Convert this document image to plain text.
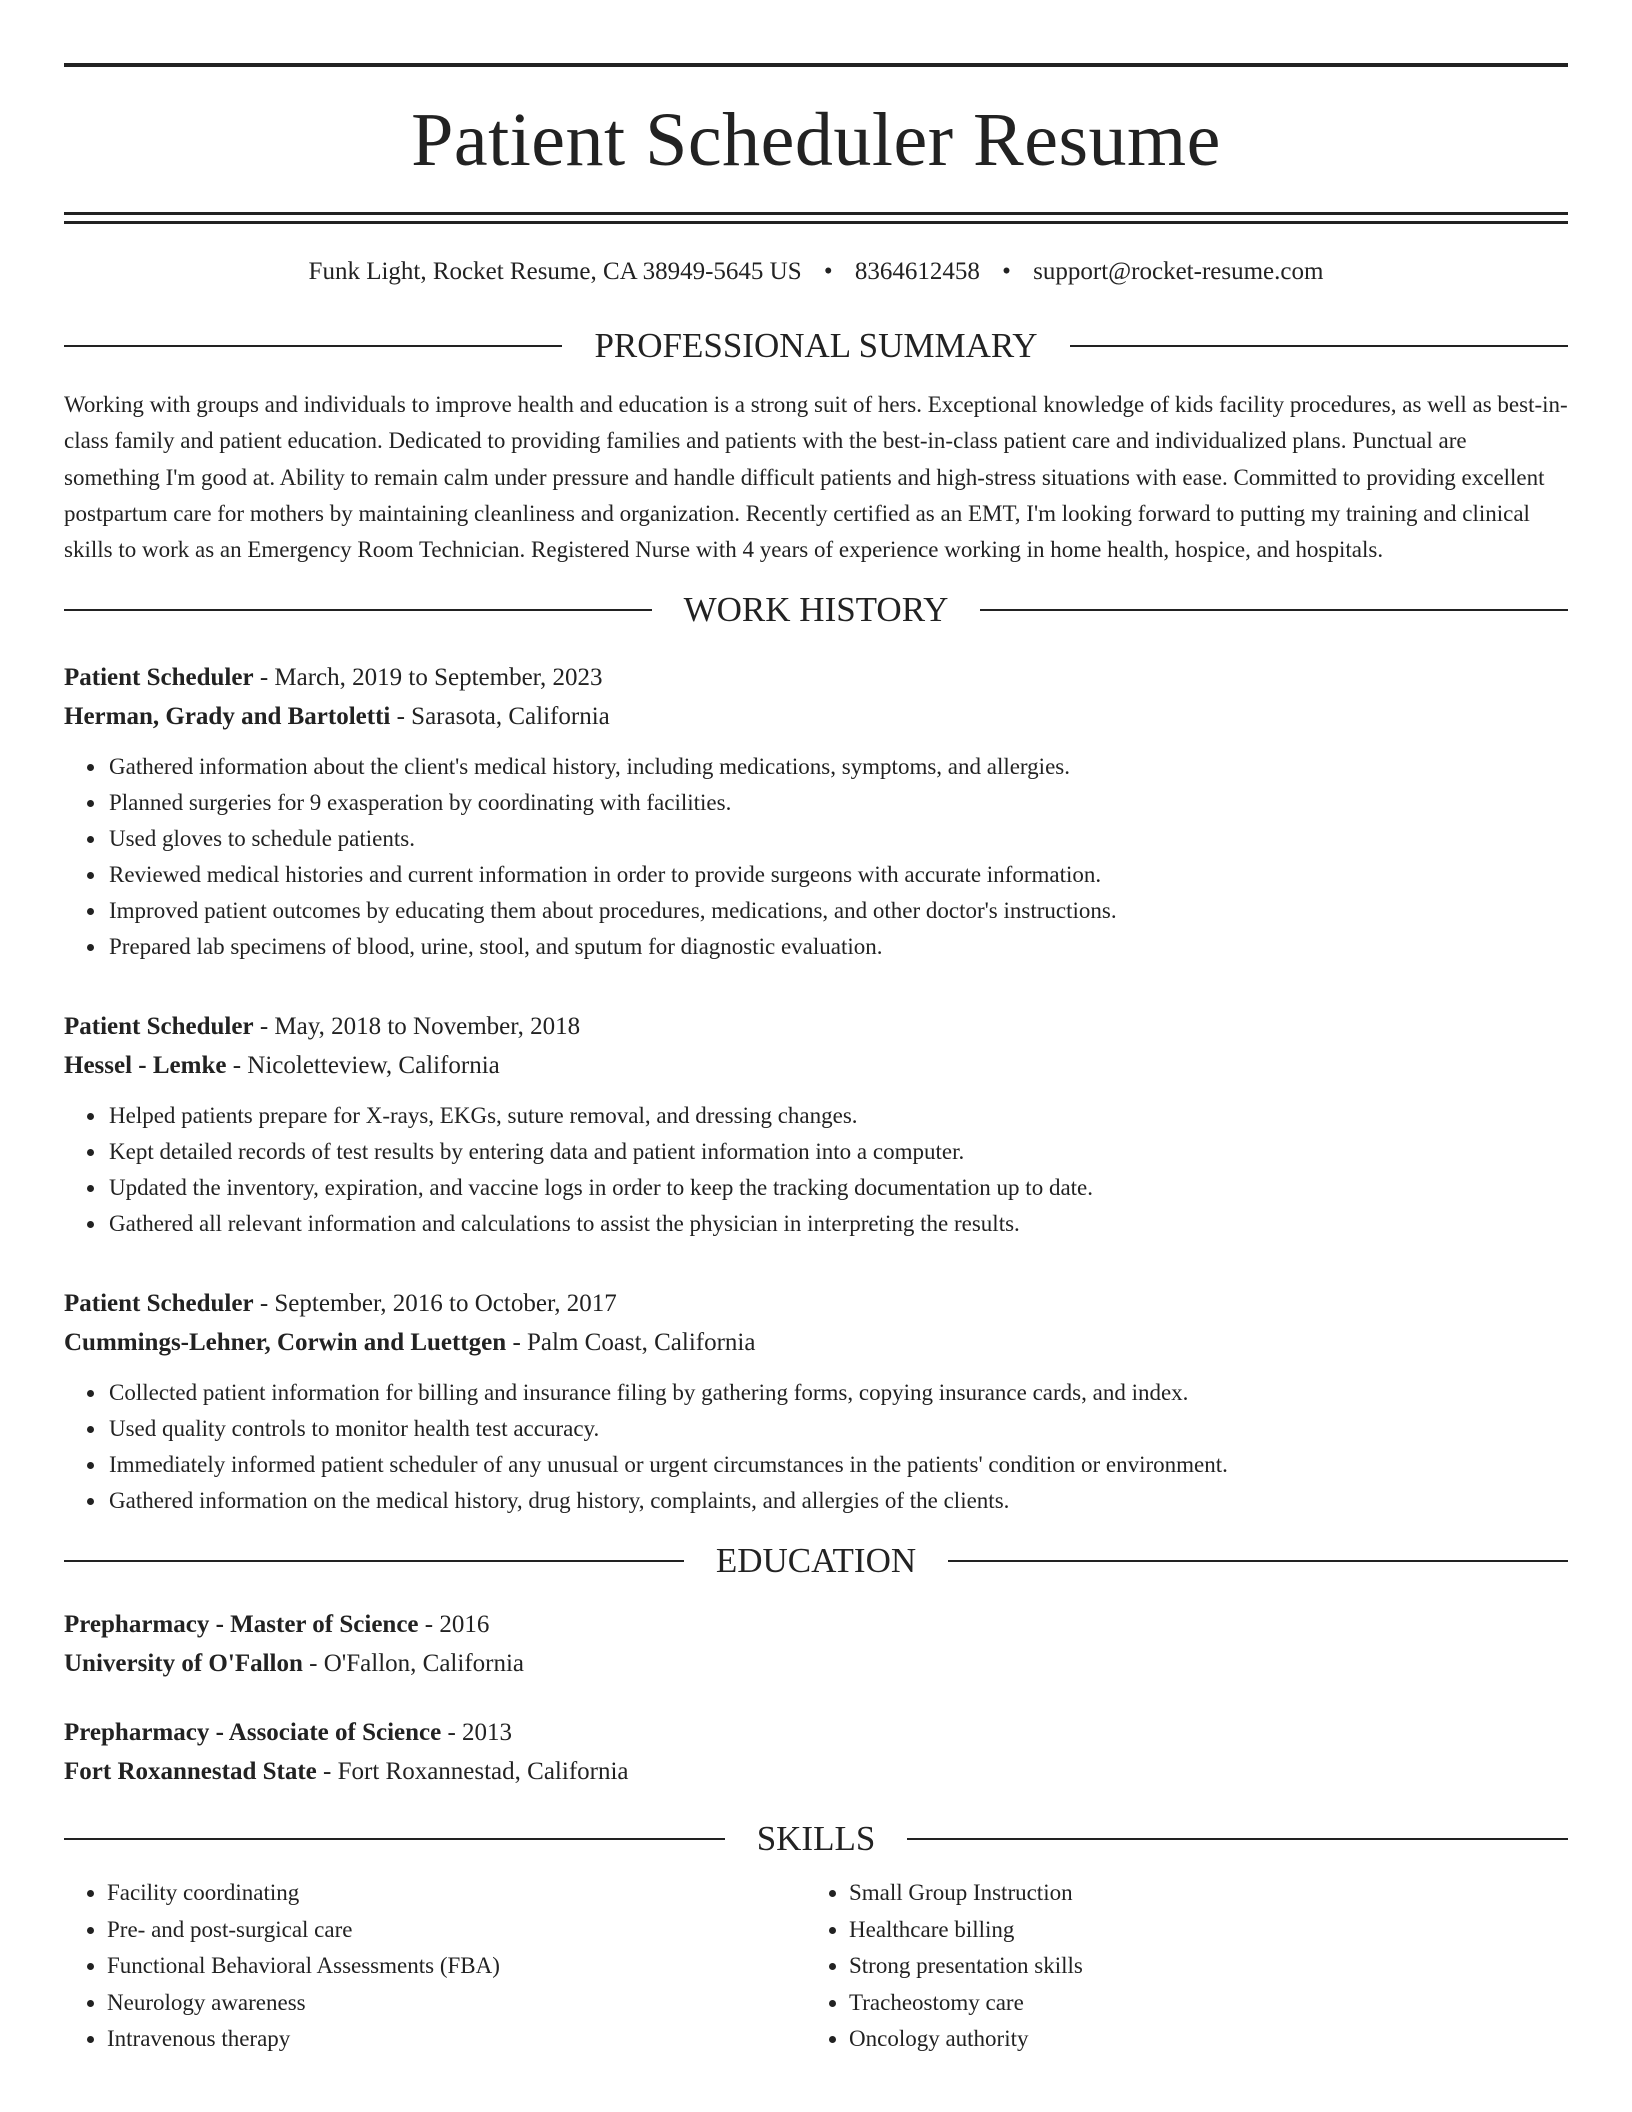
Patient Scheduler Resume
Funk Light, Rocket Resume, CA 38949-5645 US • 8364612458 • support@rocket-resume.com
PROFESSIONAL SUMMARY

Working with groups and individuals to improve health and education is a strong suit of hers. Exceptional knowledge of kids facility procedures, as well as best-in-class family and patient education. Dedicated to providing families and patients with the best-in-class patient care and individualized plans. Punctual are something I'm good at. Ability to remain calm under pressure and handle difficult patients and high-stress situations with ease. Committed to providing excellent postpartum care for mothers by maintaining cleanliness and organization. Recently certified as an EMT, I'm looking forward to putting my training and clinical skills to work as an Emergency Room Technician. Registered Nurse with 4 years of experience working in home health, hospice, and hospitals.

WORK HISTORY
Patient Scheduler - March, 2019 to September, 2023
Herman, Grady and Bartoletti - Sarasota, California
• Gathered information about the client's medical history, including medications, symptoms, and allergies.
• Planned surgeries for 9 exasperation by coordinating with facilities.
• Used gloves to schedule patients.
• Reviewed medical histories and current information in order to provide surgeons with accurate information.
• Improved patient outcomes by educating them about procedures, medications, and other doctor's instructions.
• Prepared lab specimens of blood, urine, stool, and sputum for diagnostic evaluation.
Patient Scheduler - May, 2018 to November, 2018
Hessel - Lemke - Nicoletteview, California
• Helped patients prepare for X-rays, EKGs, suture removal, and dressing changes.
• Kept detailed records of test results by entering data and patient information into a computer.
• Updated the inventory, expiration, and vaccine logs in order to keep the tracking documentation up to date.
• Gathered all relevant information and calculations to assist the physician in interpreting the results.
Patient Scheduler - September, 2016 to October, 2017
Cummings-Lehner, Corwin and Luettgen - Palm Coast, California
• Collected patient information for billing and insurance filing by gathering forms, copying insurance cards, and index.
• Used quality controls to monitor health test accuracy.
• Immediately informed patient scheduler of any unusual or urgent circumstances in the patients' condition or environment.
• Gathered information on the medical history, drug history, complaints, and allergies of the clients.
EDUCATION
Prepharmacy - Master of Science - 2016
University of O'Fallon - O'Fallon, California
Prepharmacy - Associate of Science - 2013
Fort Roxannestad State - Fort Roxannestad, California
SKILLS
• Facility coordinating
• Pre- and post-surgical care
• Functional Behavioral Assessments (FBA)
• Neurology awareness
• Intravenous therapy
• Small Group Instruction
• Healthcare billing
• Strong presentation skills
• Tracheostomy care
• Oncology authority
